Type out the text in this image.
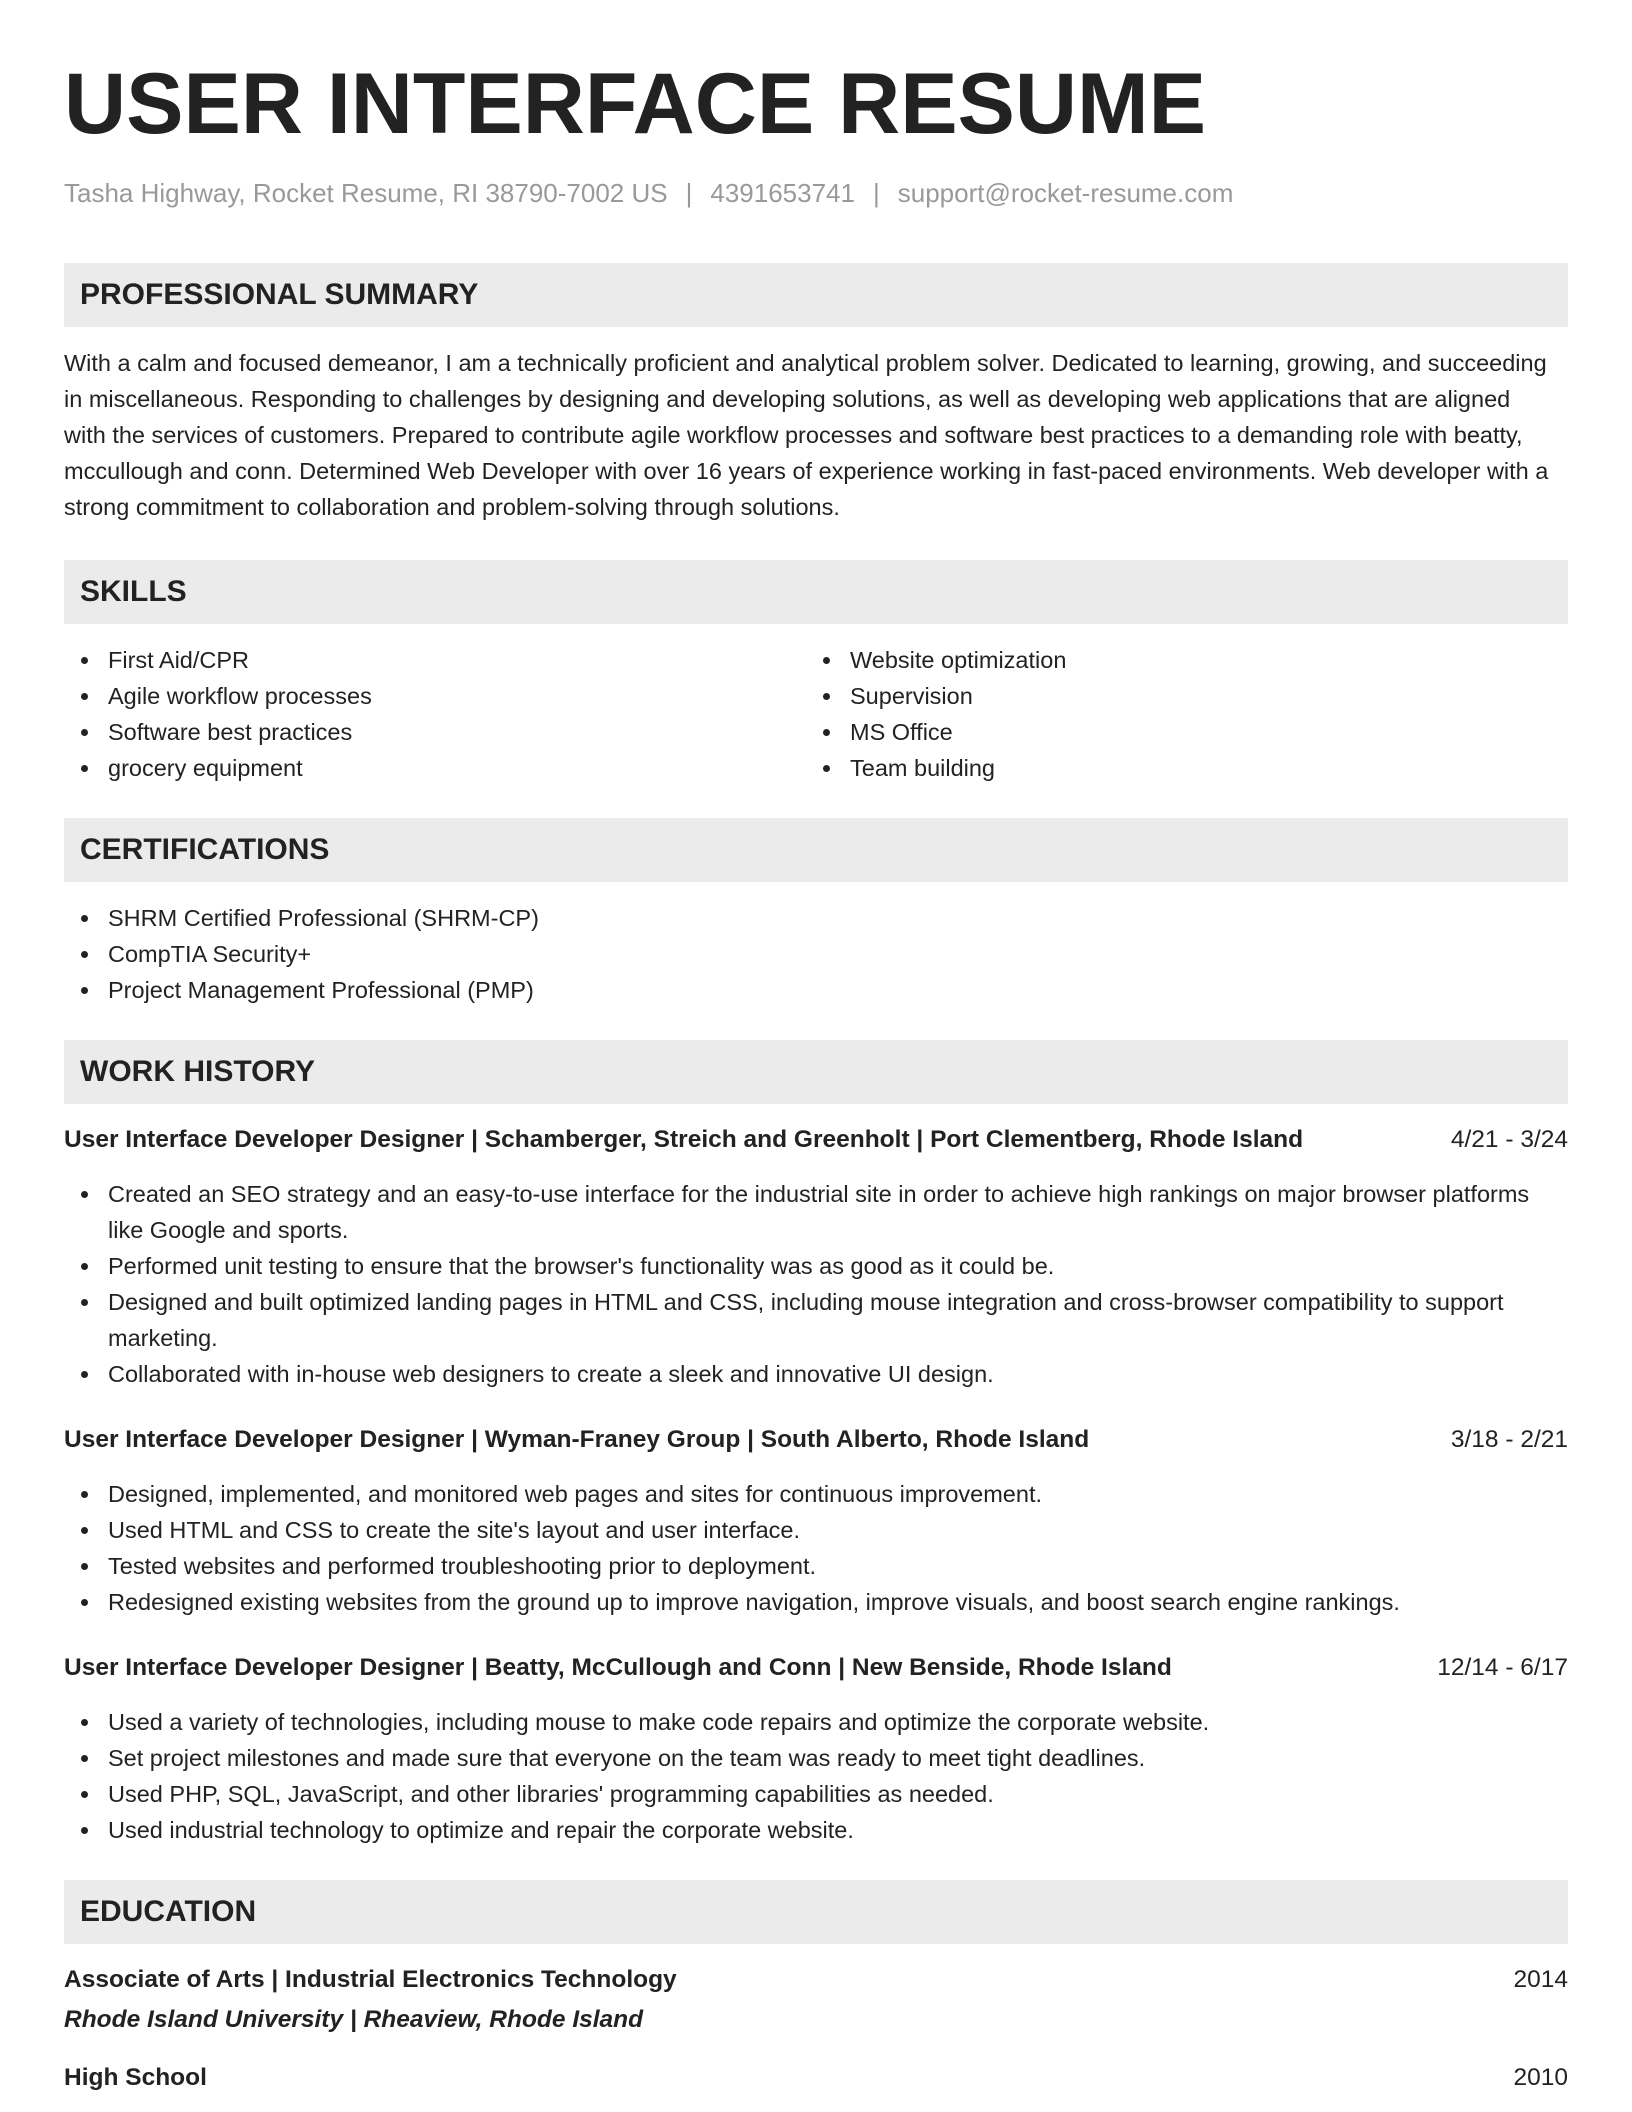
USER INTERFACE RESUME
Tasha Highway, Rocket Resume, RI 38790-7002 US | 4391653741 | support@rocket-resume.com
PROFESSIONAL SUMMARY

With a calm and focused demeanor, I am a technically proficient and analytical problem solver. Dedicated to learning, growing, and succeeding in miscellaneous. Responding to challenges by designing and developing solutions, as well as developing web applications that are aligned with the services of customers. Prepared to contribute agile workflow processes and software best practices to a demanding role with beatty, mccullough and conn. Determined Web Developer with over 16 years of experience working in fast-paced environments. Web developer with a strong commitment to collaboration and problem-solving through solutions.

SKILLS
First Aid/CPR
Agile workflow processes
Software best practices
grocery equipment
Website optimization
Supervision
MS Office
Team building
CERTIFICATIONS
SHRM Certified Professional (SHRM-CP)
CompTIA Security+
Project Management Professional (PMP)
WORK HISTORY
User Interface Developer Designer | Schamberger, Streich and Greenholt | Port Clementberg, Rhode Island	4/21 - 3/24
Created an SEO strategy and an easy-to-use interface for the industrial site in order to achieve high rankings on major browser platforms like Google and sports.
Performed unit testing to ensure that the browser's functionality was as good as it could be.
Designed and built optimized landing pages in HTML and CSS, including mouse integration and cross-browser compatibility to support marketing.
Collaborated with in-house web designers to create a sleek and innovative UI design.
User Interface Developer Designer | Wyman-Franey Group | South Alberto, Rhode Island	3/18 - 2/21
Designed, implemented, and monitored web pages and sites for continuous improvement.
Used HTML and CSS to create the site's layout and user interface.
Tested websites and performed troubleshooting prior to deployment.
Redesigned existing websites from the ground up to improve navigation, improve visuals, and boost search engine rankings.
User Interface Developer Designer | Beatty, McCullough and Conn | New Benside, Rhode Island	12/14 - 6/17
Used a variety of technologies, including mouse to make code repairs and optimize the corporate website.
Set project milestones and made sure that everyone on the team was ready to meet tight deadlines.
Used PHP, SQL, JavaScript, and other libraries' programming capabilities as needed.
Used industrial technology to optimize and repair the corporate website.
EDUCATION
Associate of Arts | Industrial Electronics Technology	2014
Rhode Island University | Rheaview, Rhode Island
High School	2010
